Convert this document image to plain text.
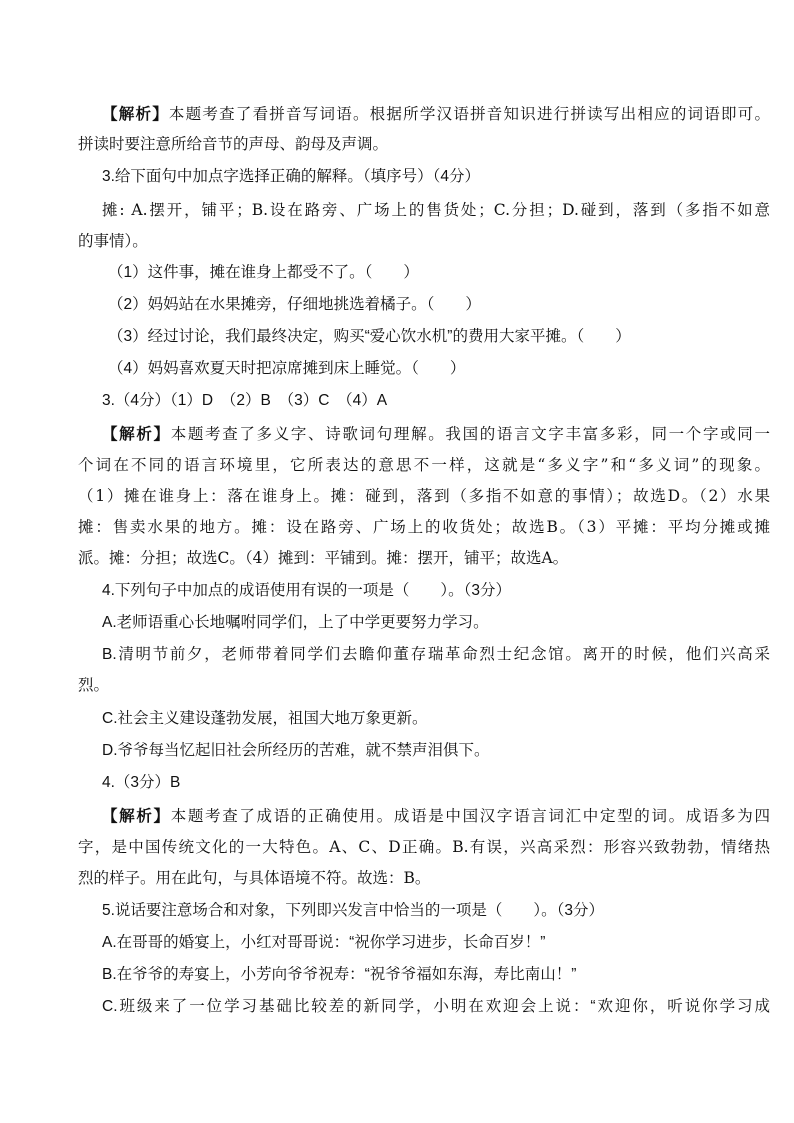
【解析】本题考查了看拼音写词语。根据所学汉语拼音知识进行拼读写出相应的词语即可。
拼读时要注意所给音节的声母、韵母及声调。
3.给下面句中加点字选择正确的解释。（填序号）（4分）
摊: A.摆开，铺平；B.设在路旁、广场上的售货处；C.分担；D.碰到，落到（多指不如意
的事情）。
（1）这件事，摊在谁身上都受不了。（　　）
（2）妈妈站在水果摊旁，仔细地挑选着橘子。（　　）
（3）经过讨论，我们最终决定，购买“爱心饮水机”的费用大家平摊。（　　）
（4）妈妈喜欢夏天时把凉席摊到床上睡觉。（　　）
3.（4分）（1）D　（2）B　（3）C　（4）A
【解析】本题考查了多义字、诗歌词句理解。我国的语言文字丰富多彩，同一个字或同一
个词在不同的语言环境里，它所表达的意思不一样，这就是“多义字”和“多义词”的现象。
（1）摊在谁身上：落在谁身上。摊：碰到，落到（多指不如意的事情）；故选D。（2）水果
摊：售卖水果的地方。摊：设在路旁、广场上的收货处；故选B。（3）平摊：平均分摊或摊
派。摊：分担；故选C。（4）摊到：平铺到。摊：摆开，铺平；故选A。
4.下列句子中加点的成语使用有误的一项是（　　）。（3分）
A.老师语重心长地嘱咐同学们，上了中学更要努力学习。
B.清明节前夕，老师带着同学们去瞻仰董存瑞革命烈士纪念馆。离开的时候，他们兴高采
烈。
C.社会主义建设蓬勃发展，祖国大地万象更新。
D.爷爷每当忆起旧社会所经历的苦难，就不禁声泪俱下。
4.（3分）B
【解析】本题考查了成语的正确使用。成语是中国汉字语言词汇中定型的词。成语多为四
字，是中国传统文化的一大特色。A、C、D正确。B.有误，兴高采烈：形容兴致勃勃，情绪热
烈的样子。用在此句，与具体语境不符。故选：B。
5.说话要注意场合和对象，下列即兴发言中恰当的一项是（　　）。（3分）
A.在哥哥的婚宴上，小红对哥哥说：“祝你学习进步，长命百岁！”
B.在爷爷的寿宴上，小芳向爷爷祝寿：“祝爷爷福如东海，寿比南山！”
C.班级来了一位学习基础比较差的新同学，小明在欢迎会上说：“欢迎你，听说你学习成
